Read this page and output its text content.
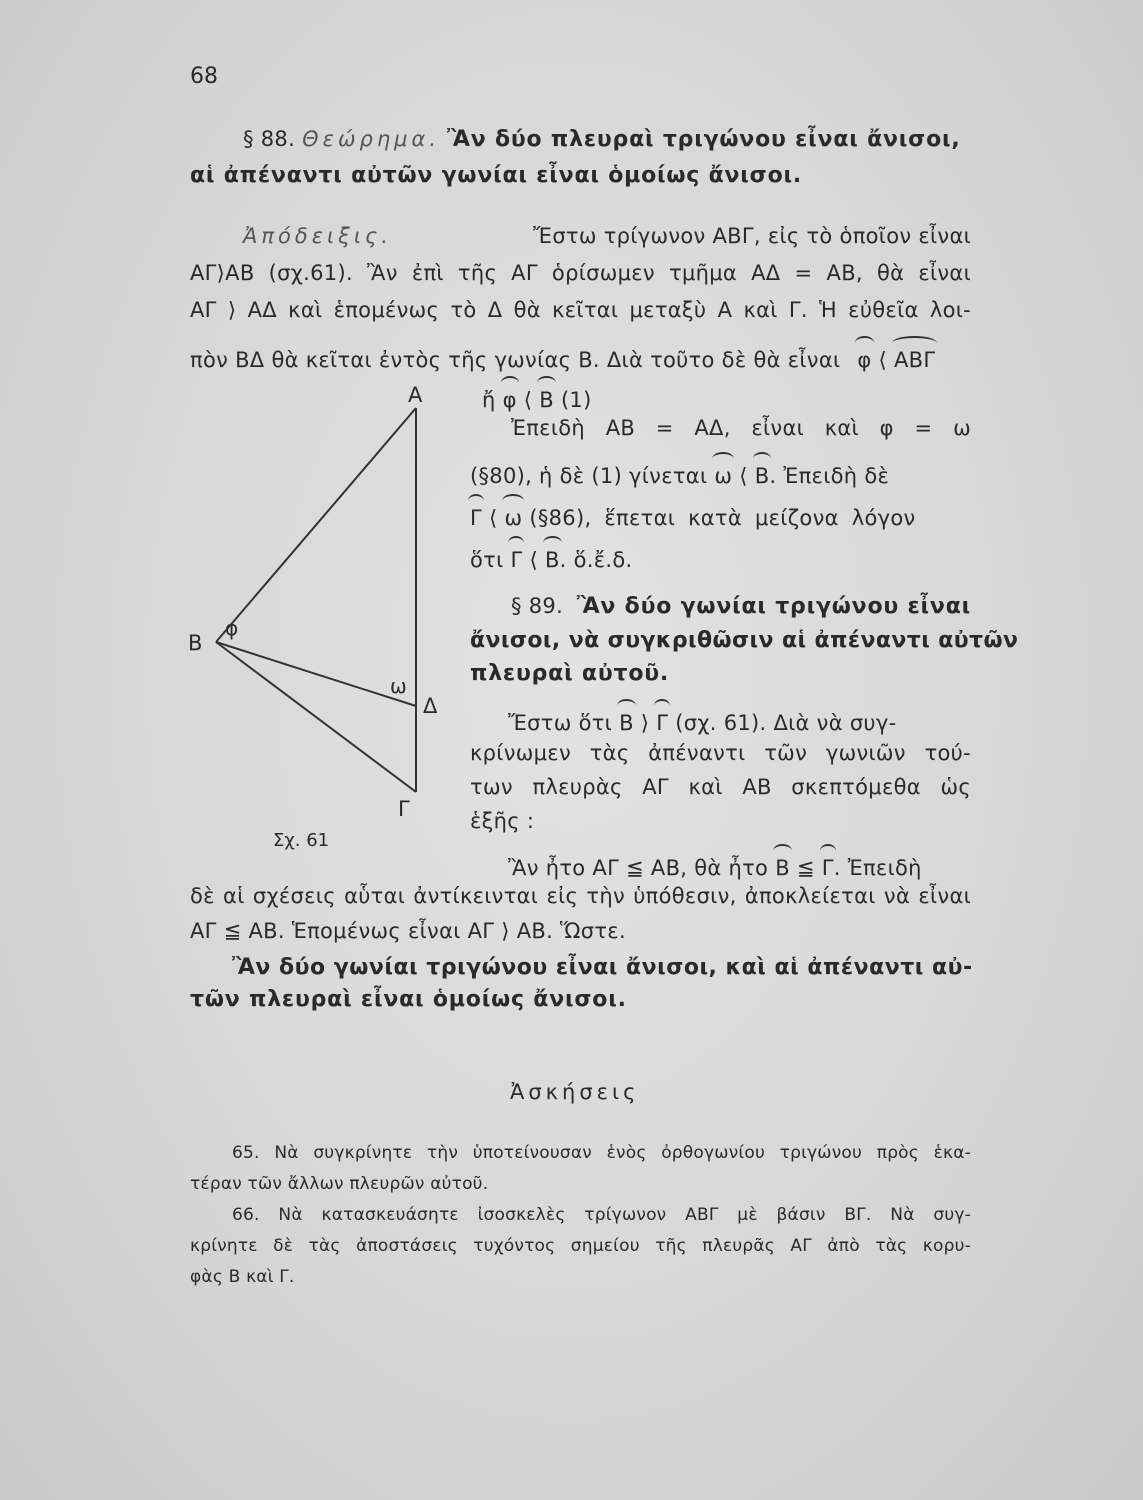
68
§ 88. Θεώρημα. Ἂν δύο πλευραὶ τριγώνου εἶναι ἄνισοι,
αἱ ἀπέναντι αὐτῶν γωνίαι εἶναι ὁμοίως ἄνισοι.
Ἀπόδειξις.	Ἔστω τρίγωνον ΑΒΓ, εἰς τὸ ὁποῖον εἶναι
ΑΓ⟩ΑΒ (σχ.61). Ἂν ἐπὶ τῆς ΑΓ ὁρίσωμεν τμῆμα ΑΔ = ΑΒ, θὰ εἶναι
ΑΓ ⟩ ΑΔ καὶ ἑπομένως τὸ Δ θὰ κεῖται μεταξὺ Α καὶ Γ. Ἡ εὐθεῖα λοι-
πὸν ΒΔ θὰ κεῖται ἐντὸς τῆς γωνίας Β. Διὰ τοῦτο δὲ θὰ εἶναι φ ⟨ ΑΒΓ
ἤ φ ⟨ Β (1)
Ἐπειδὴ ΑΒ = ΑΔ, εἶναι καὶ φ = ω
(§80), ἡ δὲ (1) γίνεται ω ⟨ Β. Ἐπειδὴ δὲ
Γ ⟨ ω (§86), ἕπεται κατὰ μείζονα λόγον
ὅτι Γ ⟨ Β. ὅ.ἔ.δ.
§ 89. Ἂν δύο γωνίαι τριγώνου εἶναι
ἄνισοι, νὰ συγκριθῶσιν αἱ ἀπέναντι αὐτῶν
πλευραὶ αὐτοῦ.
Ἔστω ὅτι Β ⟩ Γ (σχ. 61). Διὰ νὰ συγ-
κρίνωμεν τὰς ἀπέναντι τῶν γωνιῶν τού-
των πλευρὰς ΑΓ καὶ ΑΒ σκεπτόμεθα ὡς
ἑξῆς :
Ἂν ἦτο ΑΓ ≦ ΑΒ, θὰ ἦτο Β ≦ Γ. Ἐπειδὴ
δὲ αἱ σχέσεις αὗται ἀντίκεινται εἰς τὴν ὑπόθεσιν, ἀποκλείεται νὰ εἶναι
ΑΓ ≦ ΑΒ. Ἑπομένως εἶναι ΑΓ ⟩ ΑΒ. Ὥστε.
Ἂν δύο γωνίαι τριγώνου εἶναι ἄνισοι, καὶ αἱ ἀπέναντι αὐ-
τῶν πλευραὶ εἶναι ὁμοίως ἄνισοι.
Α
Β
φ
ω
Δ
Γ
Σχ. 61
Ἀσκήσεις
65. Νὰ συγκρίνητε τὴν ὑποτείνουσαν ἑνὸς ὀρθογωνίου τριγώνου πρὸς ἑκα-
τέραν τῶν ἄλλων πλευρῶν αὐτοῦ.
66. Νὰ κατασκευάσητε ἰσοσκελὲς τρίγωνον ΑΒΓ μὲ βάσιν ΒΓ. Νὰ συγ-
κρίνητε δὲ τὰς ἀποστάσεις τυχόντος σημείου τῆς πλευρᾶς ΑΓ ἀπὸ τὰς κορυ-
φὰς Β καὶ Γ.
